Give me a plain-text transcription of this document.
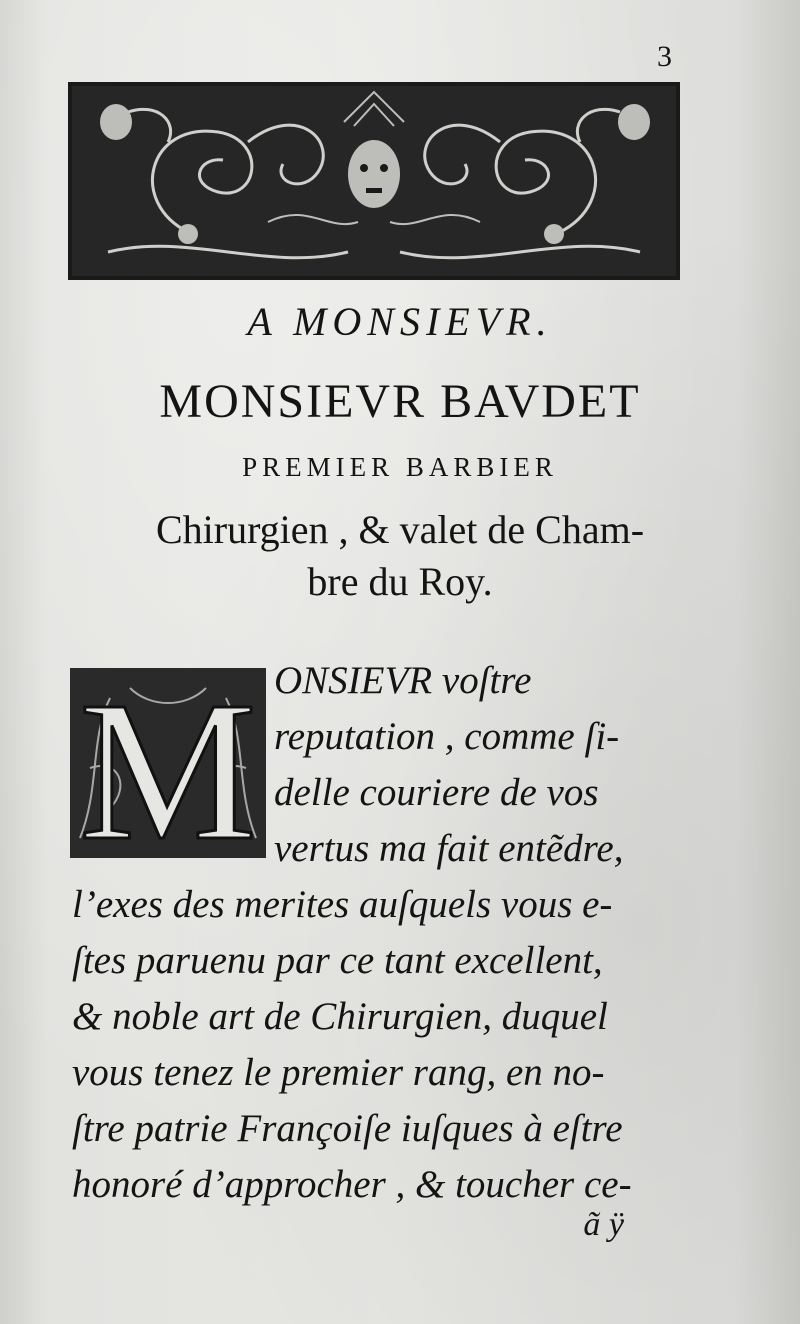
3
A MONSIEVR.
MONSIEVR BAVDET
PREMIER BARBIER
Chirurgien , & valet de Cham-
bre du Roy.
M ONSIEVR voſtre
reputation , comme ſi-
delle couriere de vos
vertus ma fait entẽdre,
l’exes des merites auſquels vous e-
ſtes paruenu par ce tant excellent,
& noble art de Chirurgien, duquel
vous tenez le premier rang, en no-
ſtre patrie Françoiſe iuſques à eſtre
honoré d’approcher , & toucher ce-
ã ÿ
